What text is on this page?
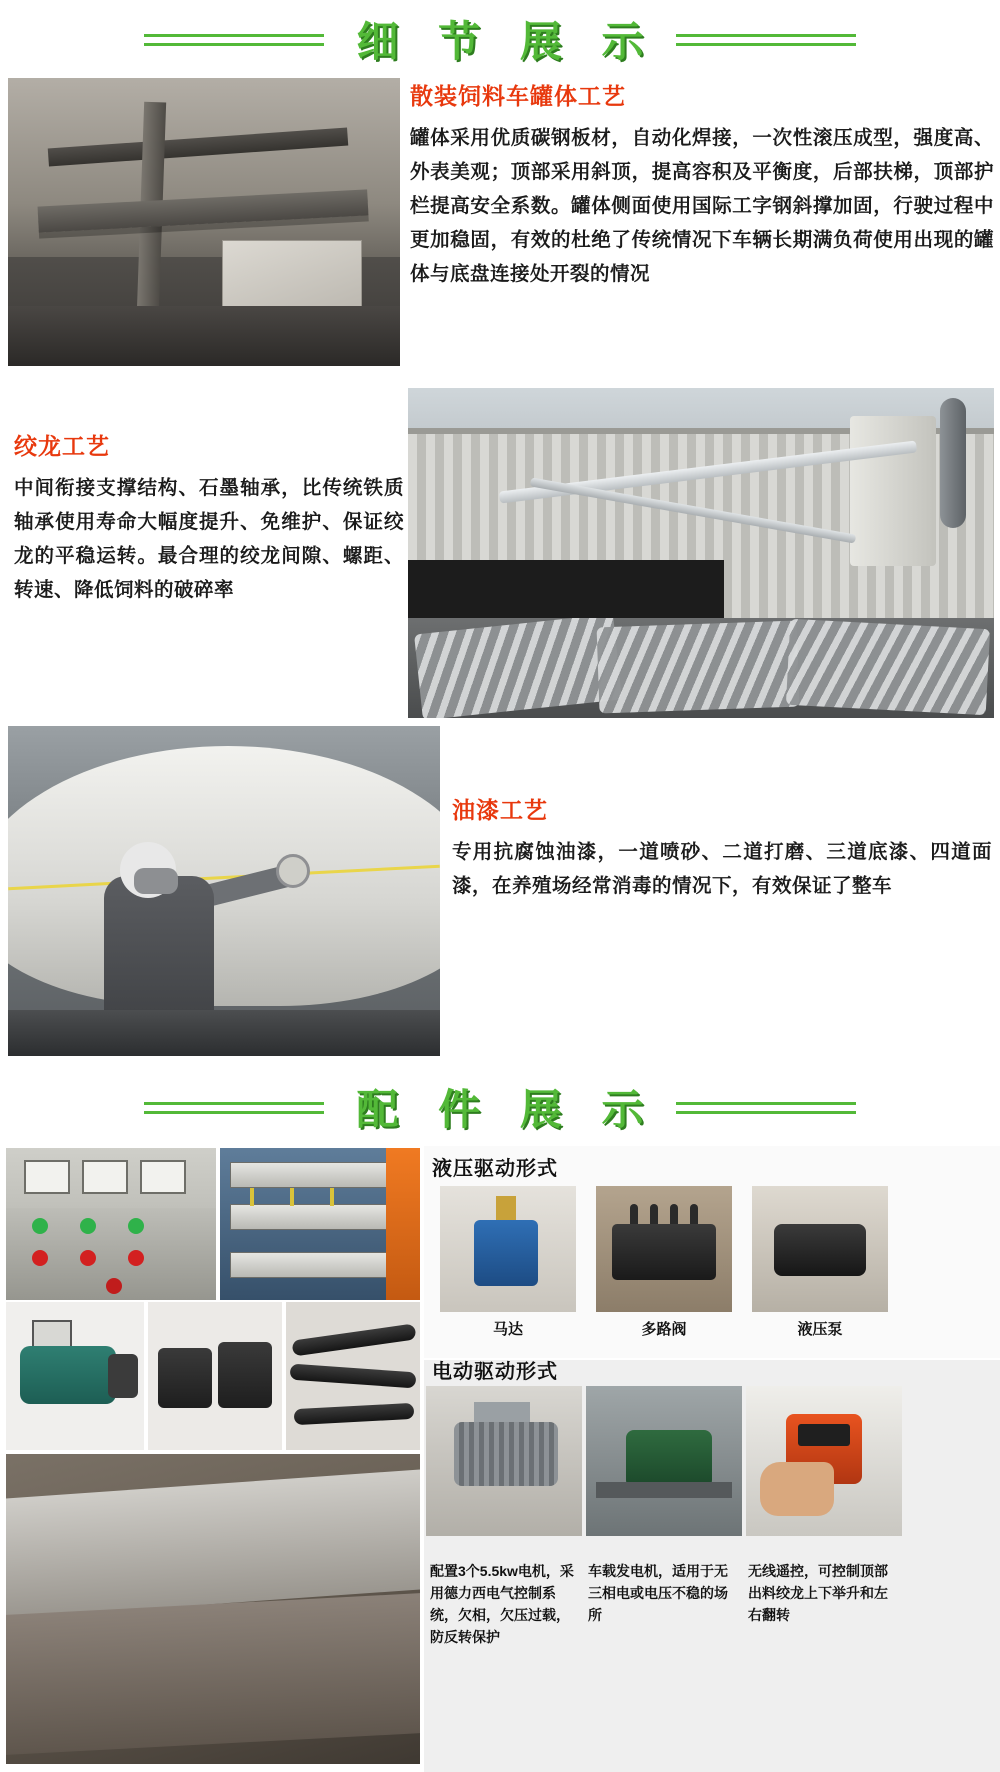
细 节 展 示
散装饲料车罐体工艺
罐体采用优质碳钢板材，自动化焊接，一次性滚压成型，强度高、外表美观；顶部采用斜顶，提高容积及平衡度，后部扶梯，顶部护栏提高安全系数。罐体侧面使用国际工字钢斜撑加固，行驶过程中更加稳固，有效的杜绝了传统情况下车辆长期满负荷使用出现的罐体与底盘连接处开裂的情况
绞龙工艺
中间衔接支撑结构、石墨轴承，比传统铁质轴承使用寿命大幅度提升、免维护、保证绞龙的平稳运转。最合理的绞龙间隙、螺距、转速、降低饲料的破碎率
油漆工艺
专用抗腐蚀油漆，一道喷砂、二道打磨、三道底漆、四道面漆，在养殖场经常消毒的情况下，有效保证了整车
配 件 展 示
液压驱动形式
马达	多路阀	液压泵
电动驱动形式
配置3个5.5kw电机，采用德力西电气控制系统，欠相，欠压过载，防反转保护
车载发电机，适用于无三相电或电压不稳的场所
无线遥控，可控制顶部出料绞龙上下举升和左右翻转
